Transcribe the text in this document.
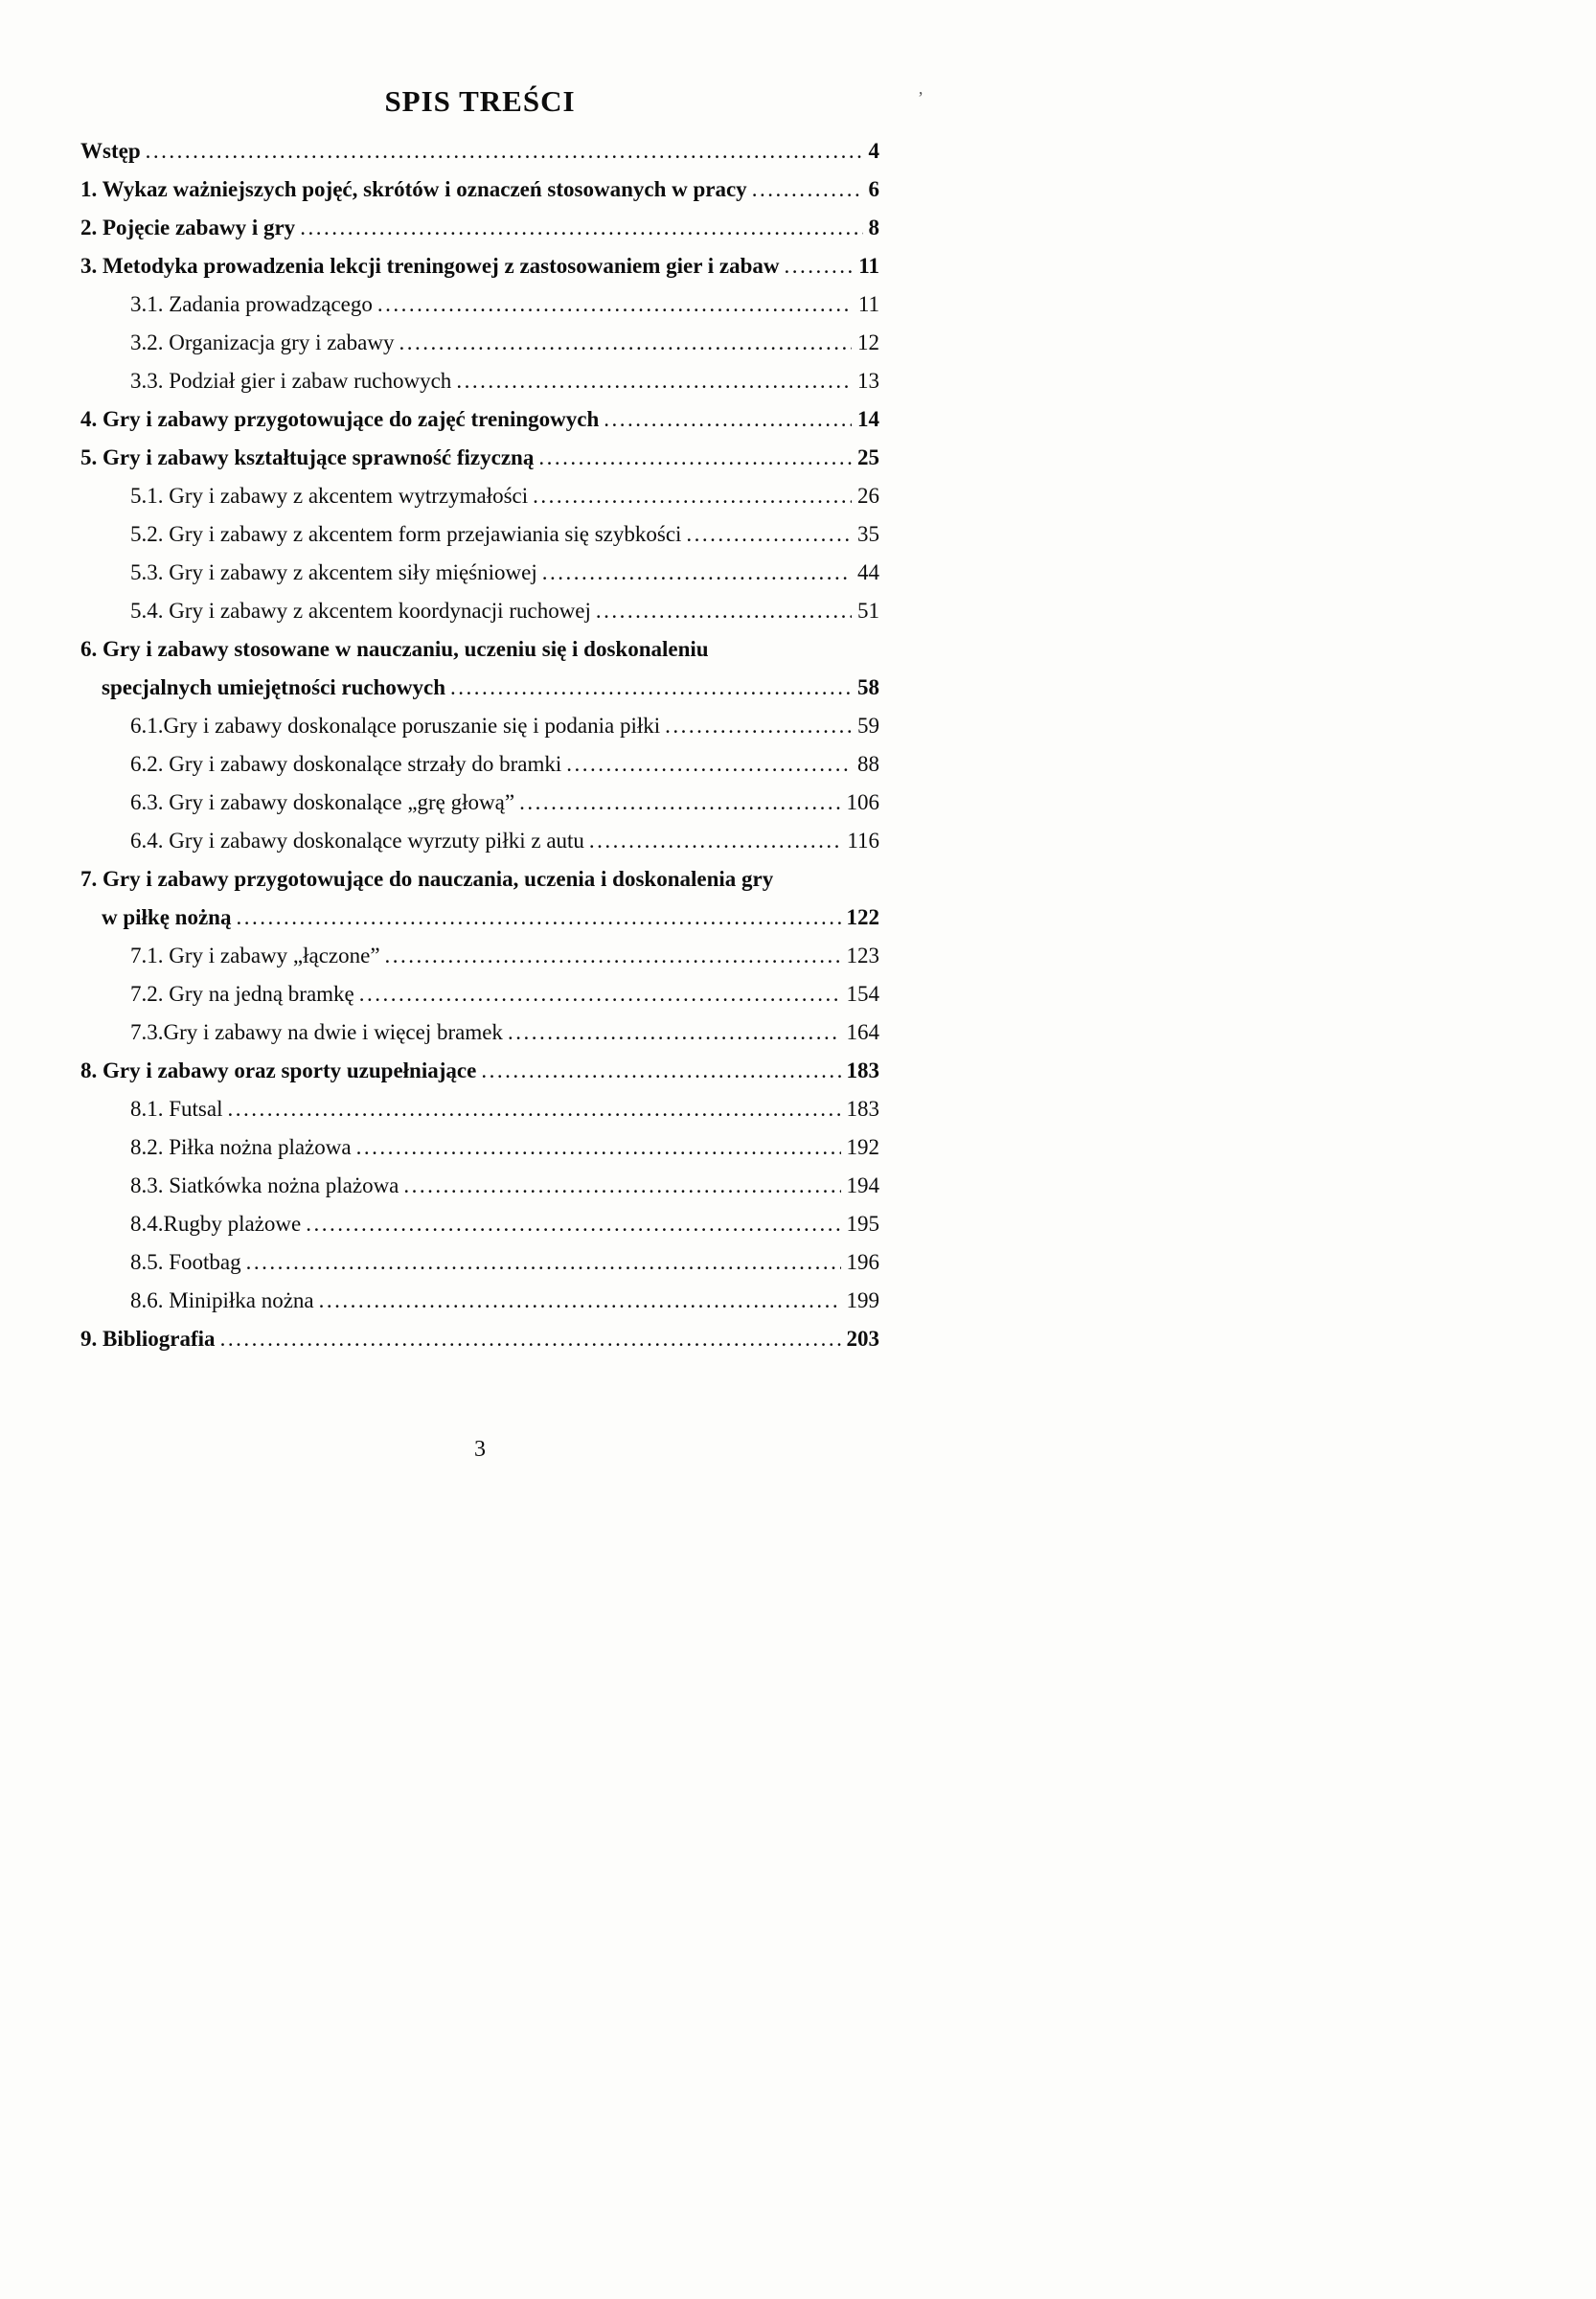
SPIS TREŚCI
Wstęp .....	4
1. Wykaz ważniejszych pojęć, skrótów i oznaczeń stosowanych w pracy .....	6
2. Pojęcie zabawy i gry .....	8
3. Metodyka prowadzenia lekcji treningowej z zastosowaniem gier i zabaw .....	11
3.1. Zadania prowadzącego .....	11
3.2. Organizacja gry i zabawy .....	12
3.3. Podział gier i zabaw ruchowych .....	13
4. Gry i zabawy przygotowujące do zajęć treningowych .....	14
5. Gry i zabawy kształtujące sprawność fizyczną .....	25
5.1. Gry i zabawy z akcentem wytrzymałości .....	26
5.2. Gry i zabawy z akcentem form przejawiania się szybkości .....	35
5.3. Gry i zabawy z akcentem siły mięśniowej .....	44
5.4. Gry i zabawy z akcentem koordynacji ruchowej .....	51
6. Gry i zabawy stosowane w nauczaniu, uczeniu się i doskonaleniu
specjalnych umiejętności ruchowych .....	58
6.1.Gry i zabawy doskonalące poruszanie się i podania piłki .....	59
6.2. Gry i zabawy doskonalące strzały do bramki .....	88
6.3. Gry i zabawy doskonalące „grę głową” .....	106
6.4. Gry i zabawy doskonalące wyrzuty piłki z autu .....	116
7. Gry i zabawy przygotowujące do nauczania, uczenia i doskonalenia gry
w piłkę nożną .....	122
7.1. Gry i zabawy „łączone” .....	123
7.2. Gry na jedną bramkę .....	154
7.3.Gry i zabawy na dwie i więcej bramek .....	164
8. Gry i zabawy oraz sporty uzupełniające .....	183
8.1. Futsal .....	183
8.2. Piłka nożna plażowa .....	192
8.3. Siatkówka nożna plażowa .....	194
8.4.Rugby plażowe .....	195
8.5. Footbag .....	196
8.6. Minipiłka nożna .....	199
9. Bibliografia .....	203
’
3
